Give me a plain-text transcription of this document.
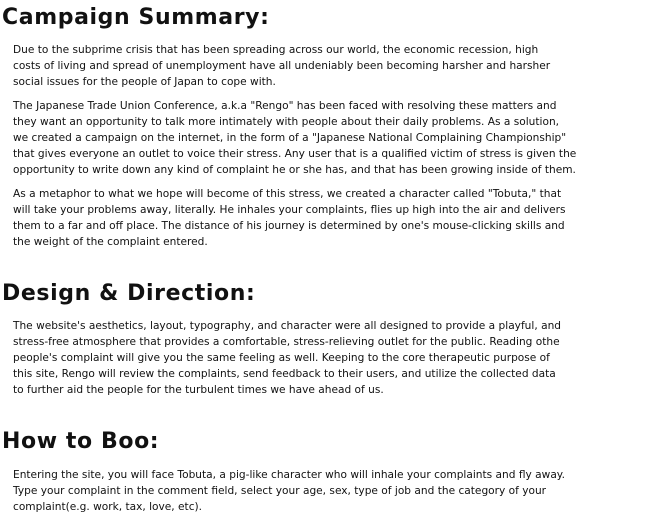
Campaign Summary:

Due to the subprime crisis that has been spreading across our world, the economic recession, high
costs of living and spread of unemployment have all undeniably been becoming harsher and harsher
social issues for the people of Japan to cope with.

The Japanese Trade Union Conference, a.k.a "Rengo" has been faced with resolving these matters and
they want an opportunity to talk more intimately with people about their daily problems. As a solution,
we created a campaign on the internet, in the form of a "Japanese National Complaining Championship"
that gives everyone an outlet to voice their stress. Any user that is a qualified victim of stress is given the
opportunity to write down any kind of complaint he or she has, and that has been growing inside of them.

As a metaphor to what we hope will become of this stress, we created a character called "Tobuta," that
will take your problems away, literally. He inhales your complaints, flies up high into the air and delivers
them to a far and off place. The distance of his journey is determined by one's mouse-clicking skills and
the weight of the complaint entered.

Design & Direction:

The website's aesthetics, layout, typography, and character were all designed to provide a playful, and
stress-free atmosphere that provides a comfortable, stress-relieving outlet for the public. Reading othe
people's complaint will give you the same feeling as well. Keeping to the core therapeutic purpose of
this site, Rengo will review the complaints, send feedback to their users, and utilize the collected data
to further aid the people for the turbulent times we have ahead of us.

How to Boo:

Entering the site, you will face Tobuta, a pig-like character who will inhale your complaints and fly away.
Type your complaint in the comment field, select your age, sex, type of job and the category of your
complaint(e.g. work, tax, love, etc).
